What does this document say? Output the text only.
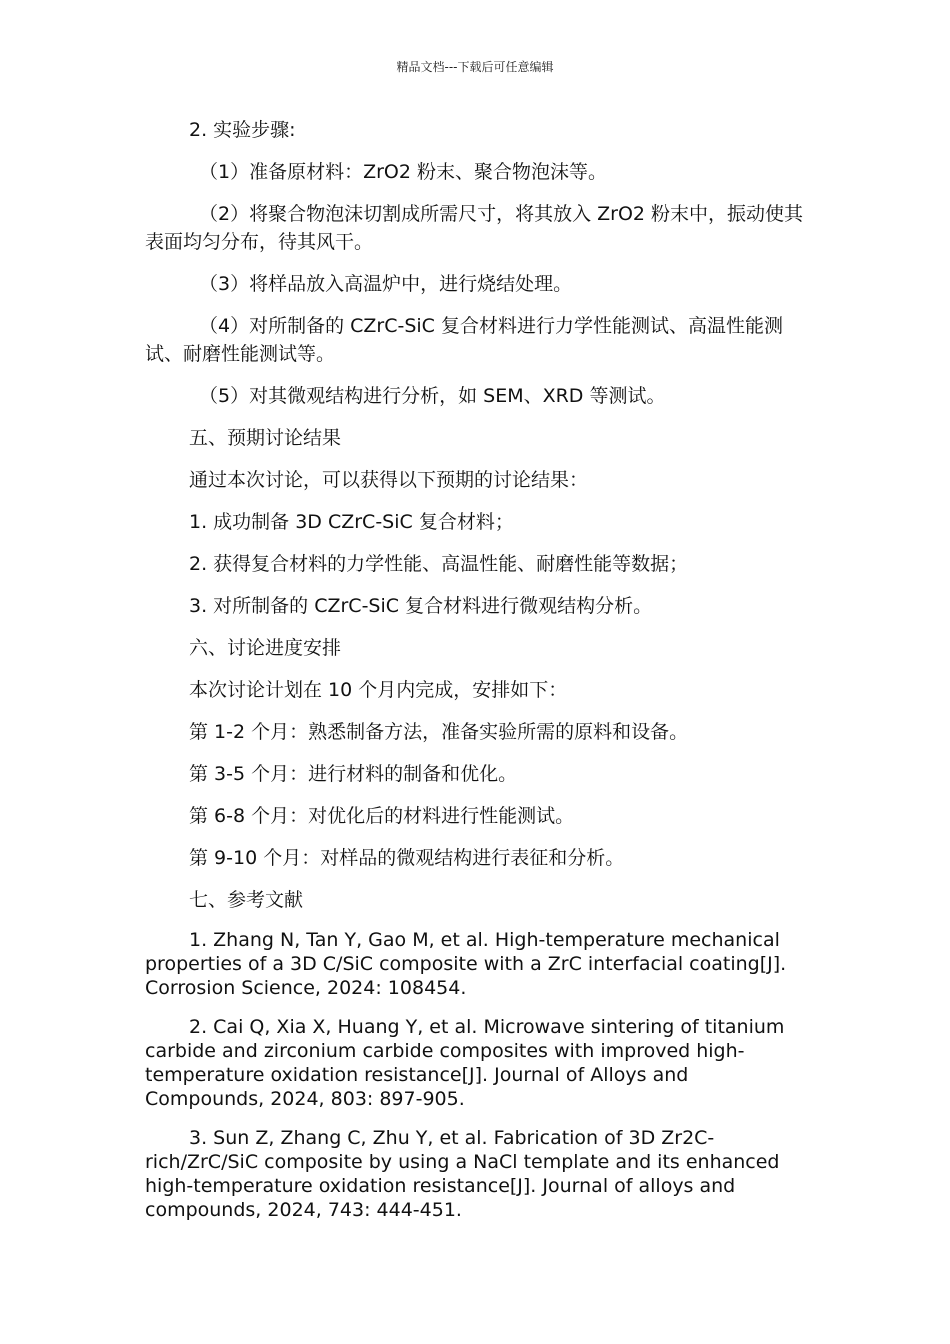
精品文档---下载后可任意编辑

2. 实验步骤:

（1）准备原材料：ZrO2 粉末、聚合物泡沫等。

（2）将聚合物泡沫切割成所需尺寸，将其放入 ZrO2 粉末中，振动使其表面均匀分布，待其风干。

（3）将样品放入高温炉中，进行烧结处理。

（4）对所制备的 CZrC-SiC 复合材料进行力学性能测试、高温性能测试、耐磨性能测试等。

（5）对其微观结构进行分析，如 SEM、XRD 等测试。

五、预期讨论结果

通过本次讨论，可以获得以下预期的讨论结果：

1. 成功制备 3D CZrC-SiC 复合材料；

2. 获得复合材料的力学性能、高温性能、耐磨性能等数据；

3. 对所制备的 CZrC-SiC 复合材料进行微观结构分析。

六、讨论进度安排

本次讨论计划在 10 个月内完成，安排如下：

第 1-2 个月：熟悉制备方法，准备实验所需的原料和设备。

第 3-5 个月：进行材料的制备和优化。

第 6-8 个月：对优化后的材料进行性能测试。

第 9-10 个月：对样品的微观结构进行表征和分析。

七、参考文献

1. Zhang N, Tan Y, Gao M, et al. High-temperature mechanical properties of a 3D C/SiC composite with a ZrC interfacial coating[J]. Corrosion Science, 2024: 108454.

2. Cai Q, Xia X, Huang Y, et al. Microwave sintering of titanium carbide and zirconium carbide composites with improved high-temperature oxidation resistance[J]. Journal of Alloys and Compounds, 2024, 803: 897-905.

3. Sun Z, Zhang C, Zhu Y, et al. Fabrication of 3D Zr2C-rich/ZrC/SiC composite by using a NaCl template and its enhanced high-temperature oxidation resistance[J]. Journal of alloys and compounds, 2024, 743: 444-451.
